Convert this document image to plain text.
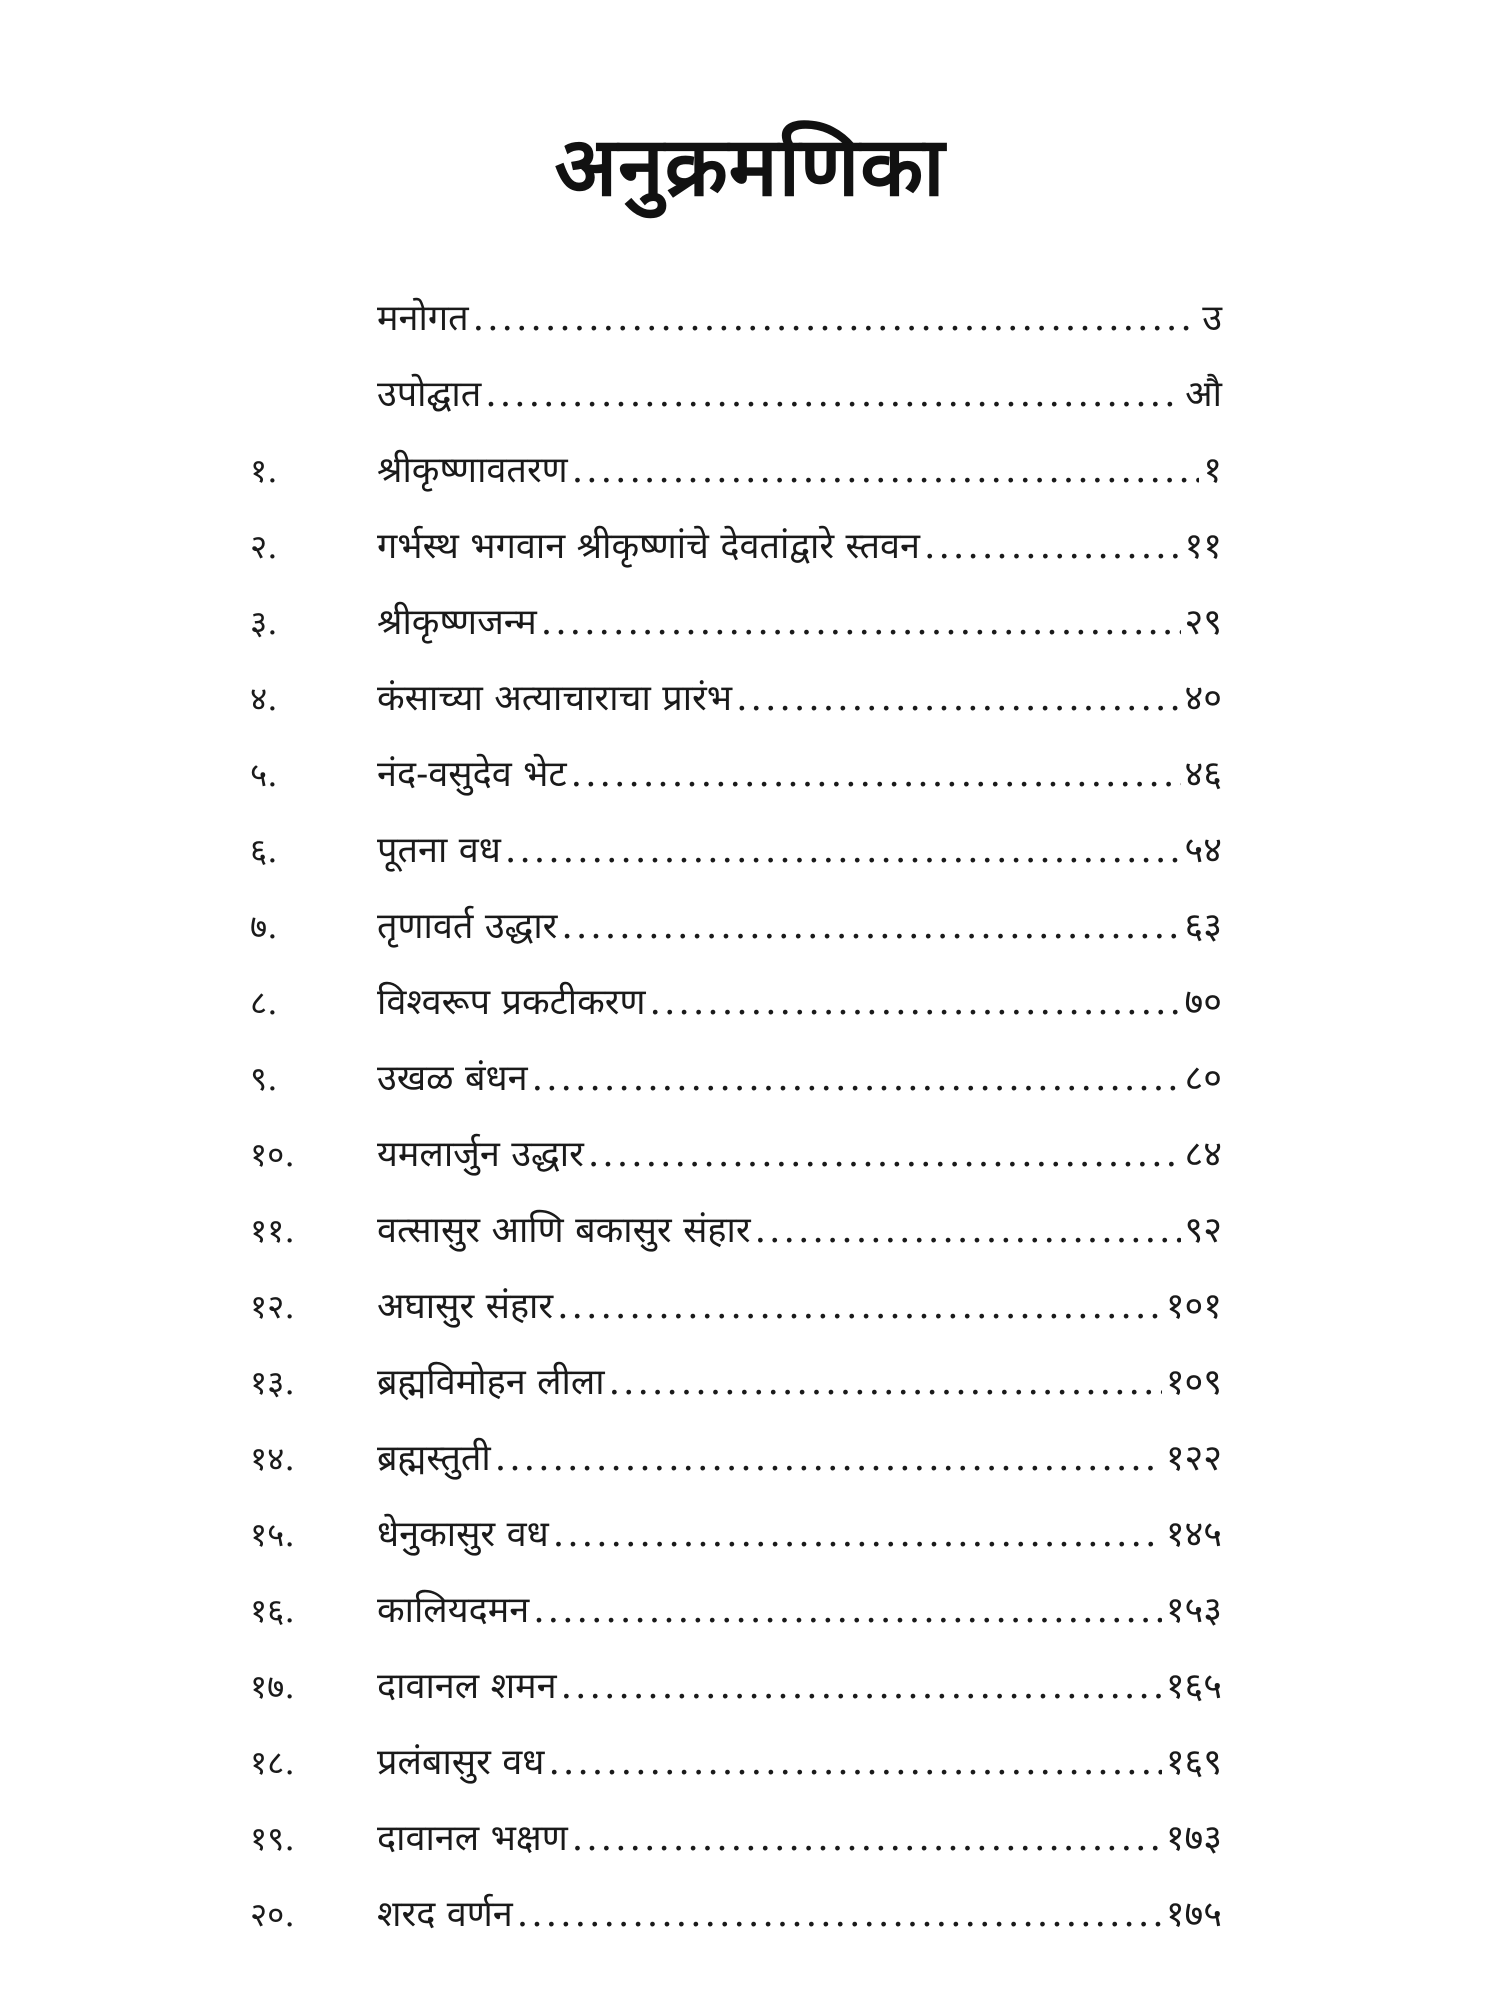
अनुक्रमणिका
मनोगत .....	उ
उपोद्घात .....	औ
१.	श्रीकृष्णावतरण .....	१
२.	गर्भस्थ भगवान श्रीकृष्णांचे देवतांद्वारे स्तवन .....	११
३.	श्रीकृष्णजन्म .....	२९
४.	कंसाच्या अत्याचाराचा प्रारंभ .....	४०
५.	नंद-वसुदेव भेट .....	४६
६.	पूतना वध .....	५४
७.	तृणावर्त उद्धार .....	६३
८.	विश्वरूप प्रकटीकरण .....	७०
९.	उखळ बंधन .....	८०
१०. यमलार्जुन उद्धार .....	८४
११. वत्सासुर आणि बकासुर संहार .....	९२
१२. अघासुर संहार .....	१०१
१३. ब्रह्मविमोहन लीला .....	१०९
१४. ब्रह्मस्तुती .....	१२२
१५. धेनुकासुर वध .....	१४५
१६. कालियदमन .....	१५३
१७. दावानल शमन .....	१६५
१८. प्रलंबासुर वध .....	१६९
१९. दावानल भक्षण .....	१७३
२०. शरद वर्णन .....	१७५
